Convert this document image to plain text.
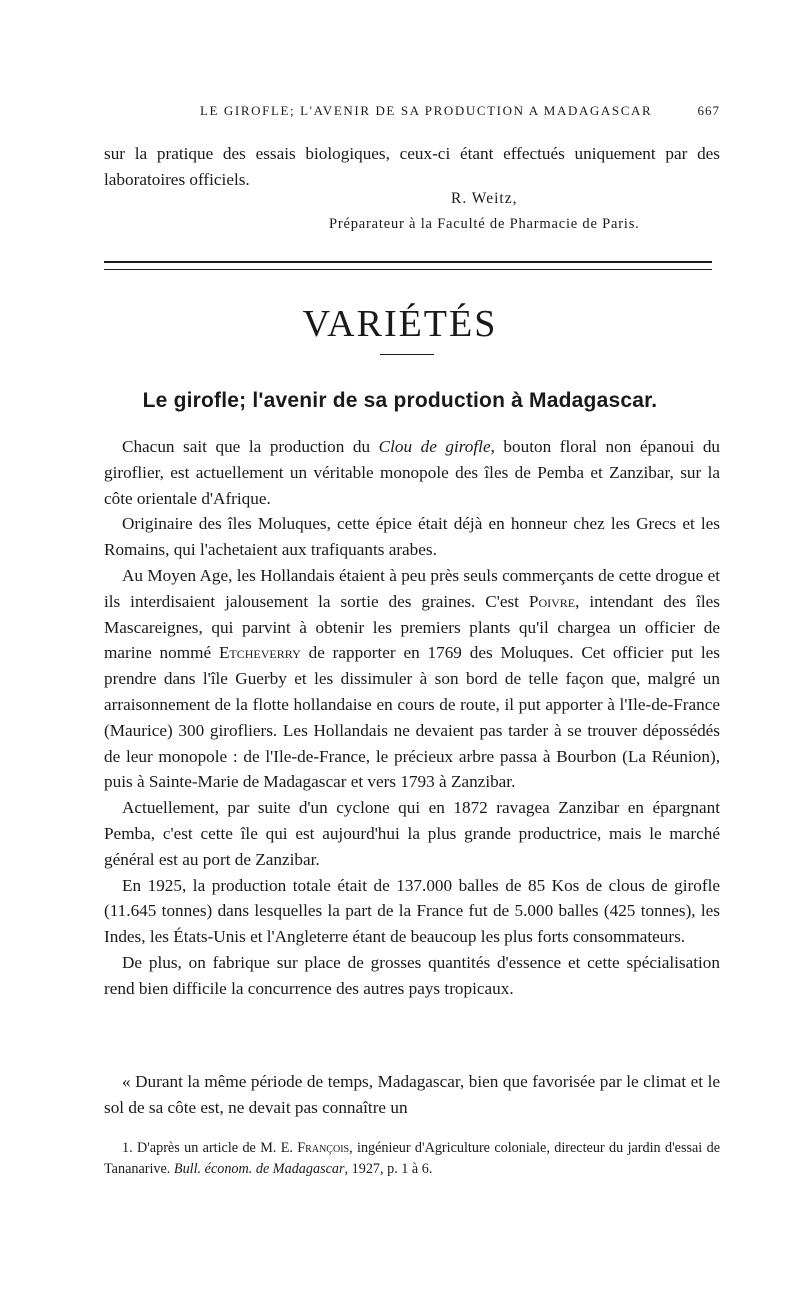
LE GIROFLE; L'AVENIR DE SA PRODUCTION A MADAGASCAR	667

sur la pratique des essais biologiques, ceux-ci étant effectués uniquement par des laboratoires officiels.

R. Weitz,
Préparateur à la Faculté de Pharmacie de Paris.
VARIÉTÉS
Le girofle; l'avenir de sa production à Madagascar.

Chacun sait que la production du Clou de girofle, bouton floral non épanoui du giroflier, est actuellement un véritable monopole des îles de Pemba et Zanzibar, sur la côte orientale d'Afrique.

Originaire des îles Moluques, cette épice était déjà en honneur chez les Grecs et les Romains, qui l'achetaient aux trafiquants arabes.

Au Moyen Age, les Hollandais étaient à peu près seuls commerçants de cette drogue et ils interdisaient jalousement la sortie des graines. C'est Poivre, intendant des îles Mascareignes, qui parvint à obtenir les premiers plants qu'il chargea un officier de marine nommé Etcheverry de rapporter en 1769 des Moluques. Cet officier put les prendre dans l'île Guerby et les dissimuler à son bord de telle façon que, malgré un arraisonnement de la flotte hollandaise en cours de route, il put apporter à l'Ile-de-France (Maurice) 300 girofliers. Les Hollandais ne devaient pas tarder à se trouver dépossédés de leur monopole : de l'Ile-de-France, le précieux arbre passa à Bourbon (La Réunion), puis à Sainte-Marie de Madagascar et vers 1793 à Zanzibar.

Actuellement, par suite d'un cyclone qui en 1872 ravagea Zanzibar en épargnant Pemba, c'est cette île qui est aujourd'hui la plus grande productrice, mais le marché général est au port de Zanzibar.

En 1925, la production totale était de 137.000 balles de 85 Kos de clous de girofle (11.645 tonnes) dans lesquelles la part de la France fut de 5.000 balles (425 tonnes), les Indes, les États-Unis et l'Angleterre étant de beaucoup les plus forts consommateurs.

De plus, on fabrique sur place de grosses quantités d'essence et cette spécialisation rend bien difficile la concurrence des autres pays tropicaux.

« Durant la même période de temps, Madagascar, bien que favorisée par le climat et le sol de sa côte est, ne devait pas connaître un

1. D'après un article de M. E. François, ingénieur d'Agriculture coloniale, directeur du jardin d'essai de Tananarive. Bull. économ. de Madagascar, 1927, p. 1 à 6.
